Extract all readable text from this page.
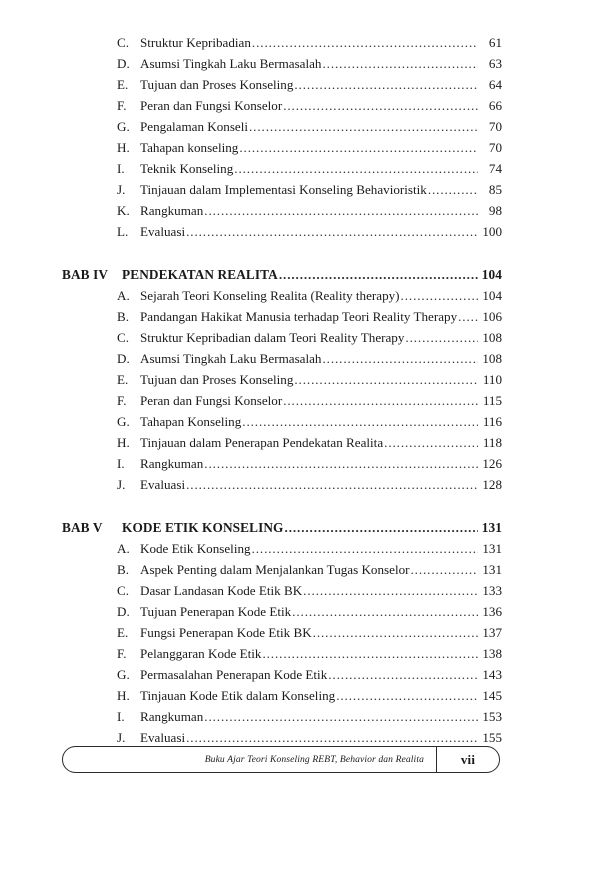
C. Struktur Kepribadian .....	61
D. Asumsi Tingkah Laku Bermasalah .....	63
E. Tujuan dan Proses Konseling .....	64
F.	Peran dan Fungsi Konselor .....	66
G. Pengalaman Konseli .....	70
H. Tahapan konseling .....	70
I.	Teknik Konseling .....	74
J.	Tinjauan dalam Implementasi Konseling Behavioristik .....	85
K. Rangkuman .....	98
L. Evaluasi .....	100
BAB IV	PENDEKATAN REALITA .....	104
A. Sejarah Teori Konseling Realita (Reality therapy) .....	104
B. Pandangan Hakikat Manusia terhadap Teori Reality Therapy .....	106
C. Struktur Kepribadian dalam Teori Reality Therapy .....	108
D. Asumsi Tingkah Laku Bermasalah .....	108
E. Tujuan dan Proses Konseling .....	110
F.	Peran dan Fungsi Konselor .....	115
G. Tahapan Konseling .....	116
H. Tinjauan dalam Penerapan Pendekatan Realita .....	118
I.	Rangkuman .....	126
J.	Evaluasi .....	128
BAB V	KODE ETIK KONSELING .....	131
A. Kode Etik Konseling .....	131
B. Aspek Penting dalam Menjalankan Tugas Konselor .....	131
C. Dasar Landasan Kode Etik BK .....	133
D. Tujuan Penerapan Kode Etik .....	136
E. Fungsi Penerapan Kode Etik BK .....	137
F.	Pelanggaran Kode Etik .....	138
G. Permasalahan Penerapan Kode Etik .....	143
H. Tinjauan Kode Etik dalam Konseling .....	145
I.	Rangkuman .....	153
J.	Evaluasi .....	155
Buku Ajar Teori Konseling REBT, Behavior dan Realita	vii
